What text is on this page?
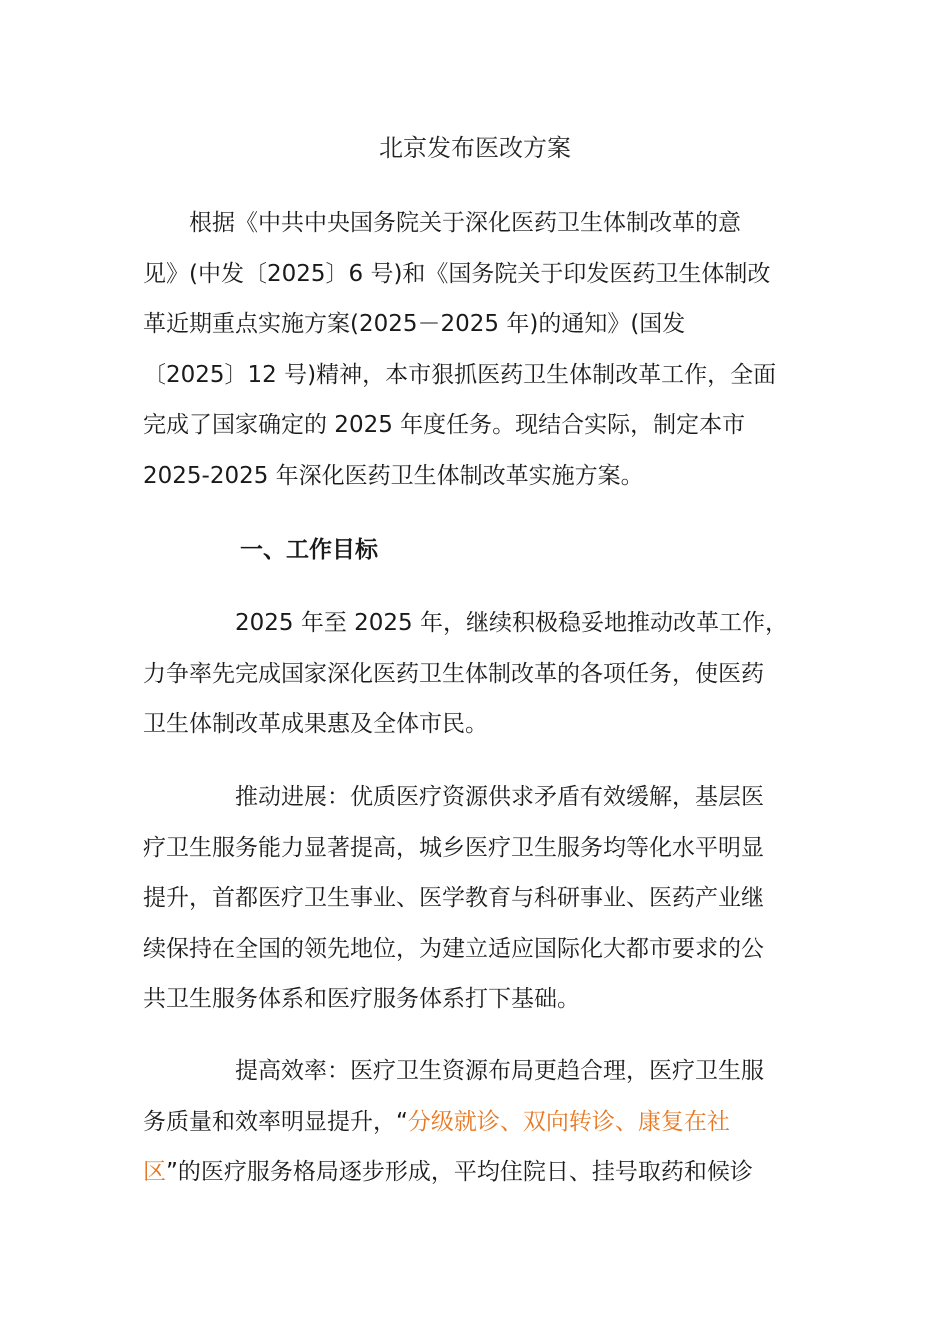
北京发布医改方案
　　根据《中共中央国务院关于深化医药卫生体制改革的意
见》(中发〔2025〕6 号)和《国务院关于印发医药卫生体制改
革近期重点实施方案(2025－2025 年)的通知》(国发
〔2025〕12 号)精神，本市狠抓医药卫生体制改革工作，全面
完成了国家确定的 2025 年度任务。现结合实际，制定本市
2025-2025 年深化医药卫生体制改革实施方案。
一、工作目标
　　　　2025 年至 2025 年，继续积极稳妥地推动改革工作，
力争率先完成国家深化医药卫生体制改革的各项任务，使医药
卫生体制改革成果惠及全体市民。
　　　　推动进展：优质医疗资源供求矛盾有效缓解，基层医
疗卫生服务能力显著提高，城乡医疗卫生服务均等化水平明显
提升，首都医疗卫生事业、医学教育与科研事业、医药产业继
续保持在全国的领先地位，为建立适应国际化大都市要求的公
共卫生服务体系和医疗服务体系打下基础。
　　　　提高效率：医疗卫生资源布局更趋合理，医疗卫生服
务质量和效率明显提升，“分级就诊、双向转诊、康复在社
区”的医疗服务格局逐步形成，平均住院日、挂号取药和候诊
